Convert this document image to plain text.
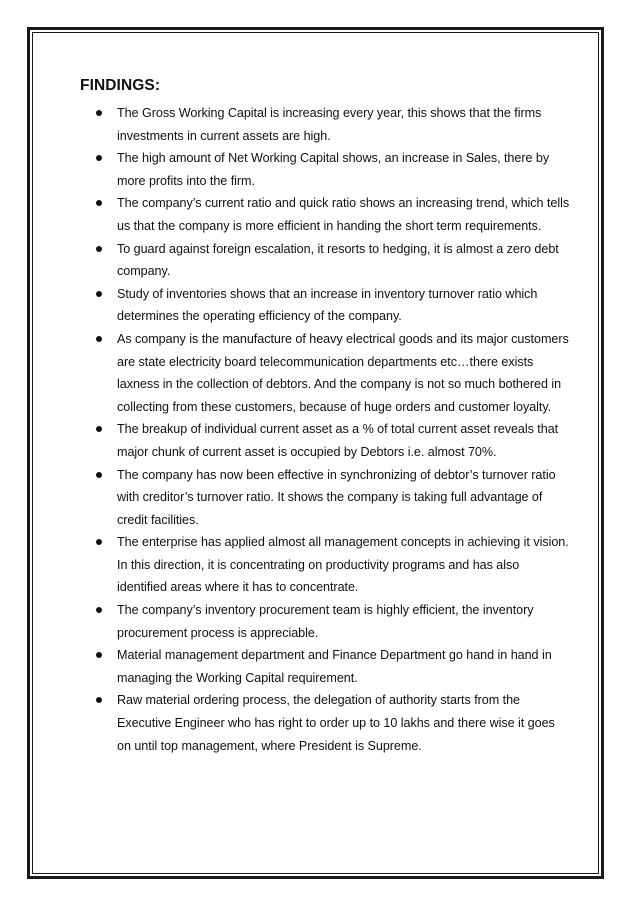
FINDINGS:
The Gross Working Capital is increasing every year, this shows that the firms investments in current assets are high.
The high amount of Net Working Capital shows, an increase in Sales, there by more profits into the firm.
The company’s current ratio and quick ratio shows an increasing trend, which tells us that the company is more efficient in handing the short term requirements.
To guard against foreign escalation, it resorts to hedging, it is almost a zero debt company.
Study of inventories shows that an increase in inventory turnover ratio which determines the operating efficiency of the company.
As company is the manufacture of heavy electrical goods and its major customers are state electricity board telecommunication departments etc…there exists laxness in the collection of debtors. And the company is not so much bothered in collecting from these customers, because of huge orders and customer loyalty.
The breakup of individual current asset as a % of total current asset reveals that major chunk of current asset is occupied by Debtors i.e. almost 70%.
The company has now been effective in synchronizing of debtor’s turnover ratio with creditor’s turnover ratio. It shows the company is taking full advantage of credit facilities.
The enterprise has applied almost all management concepts in achieving it vision. In this direction, it is concentrating on productivity programs and has also identified areas where it has to concentrate.
The company’s inventory procurement team is highly efficient, the inventory procurement process is appreciable.
Material management department and Finance Department go hand in hand in managing the Working Capital requirement.
Raw material ordering process, the delegation of authority starts from the Executive Engineer who has right to order up to 10 lakhs and there wise it goes on until top management, where President is Supreme.
